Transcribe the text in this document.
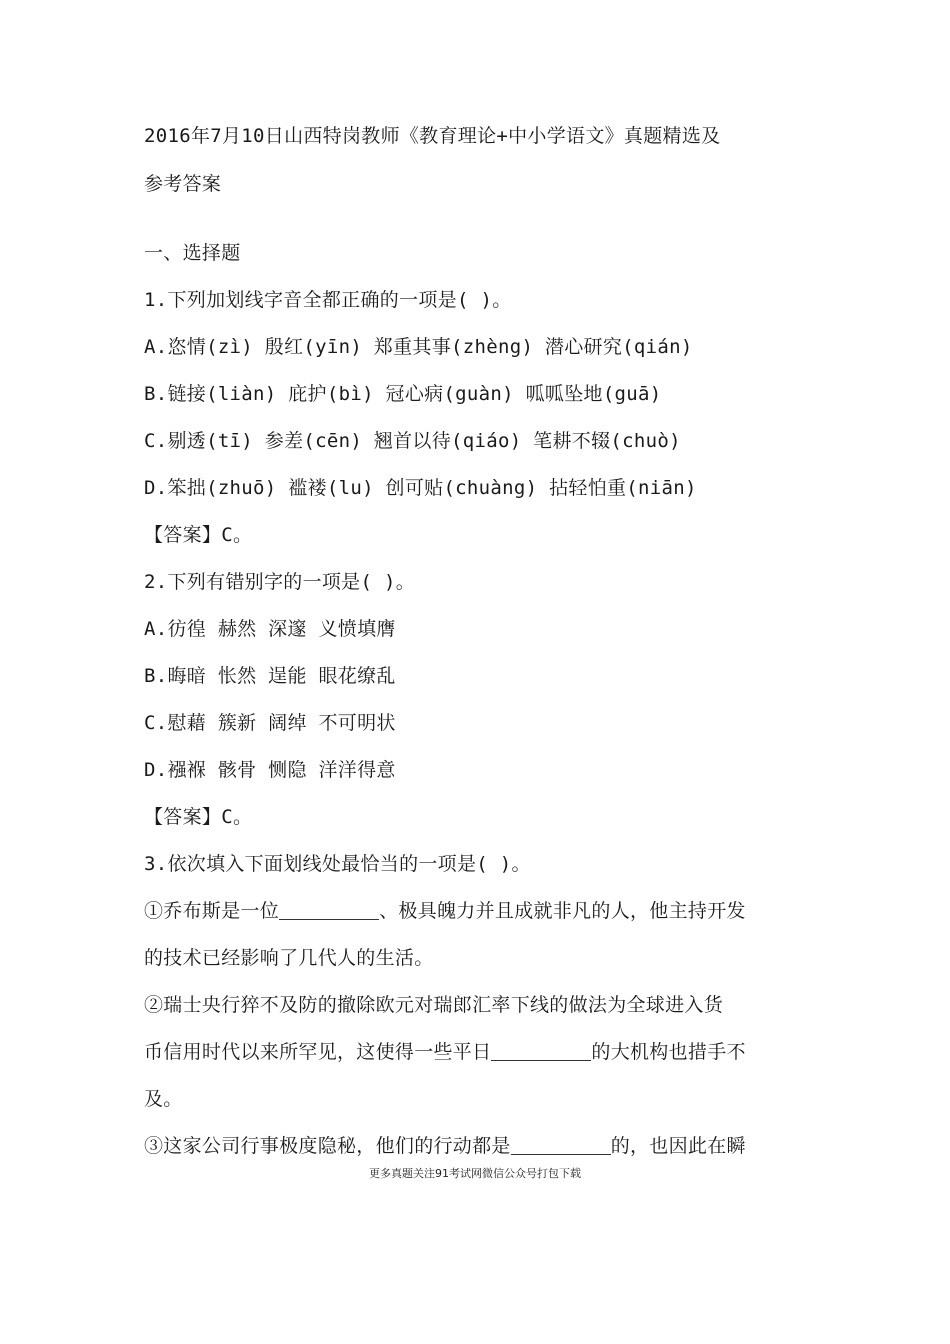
2016年7月10日山西特岗教师《教育理论+中小学语文》真题精选及
参考答案
一、选择题
1.下列加划线字音全都正确的一项是( )。
A.恣情(zì) 殷红(yīn) 郑重其事(zhèng) 潜心研究(qián)
B.链接(liàn) 庇护(bì) 冠心病(guàn) 呱呱坠地(guā)
C.剔透(tī) 参差(cēn) 翘首以待(qiáo) 笔耕不辍(chuò)
D.笨拙(zhuō) 褴褛(lu) 创可贴(chuàng) 拈轻怕重(niān)
【答案】C。
2.下列有错别字的一项是( )。
A.彷徨 赫然 深邃 义愤填膺
B.晦暗 怅然 逞能 眼花缭乱
C.慰藉 簇新 阔绰 不可明状
D.襁褓 骸骨 恻隐 洋洋得意
【答案】C。
3.依次填入下面划线处最恰当的一项是( )。
①乔布斯是一位	、极具魄力并且成就非凡的人，他主持开发
的技术已经影响了几代人的生活。
②瑞士央行猝不及防的撤除欧元对瑞郎汇率下线的做法为全球进入货
币信用时代以来所罕见，这使得一些平日	的大机构也措手不
及。
③这家公司行事极度隐秘，他们的行动都是	的，也因此在瞬
更多真题关注91考试网微信公众号打包下载
